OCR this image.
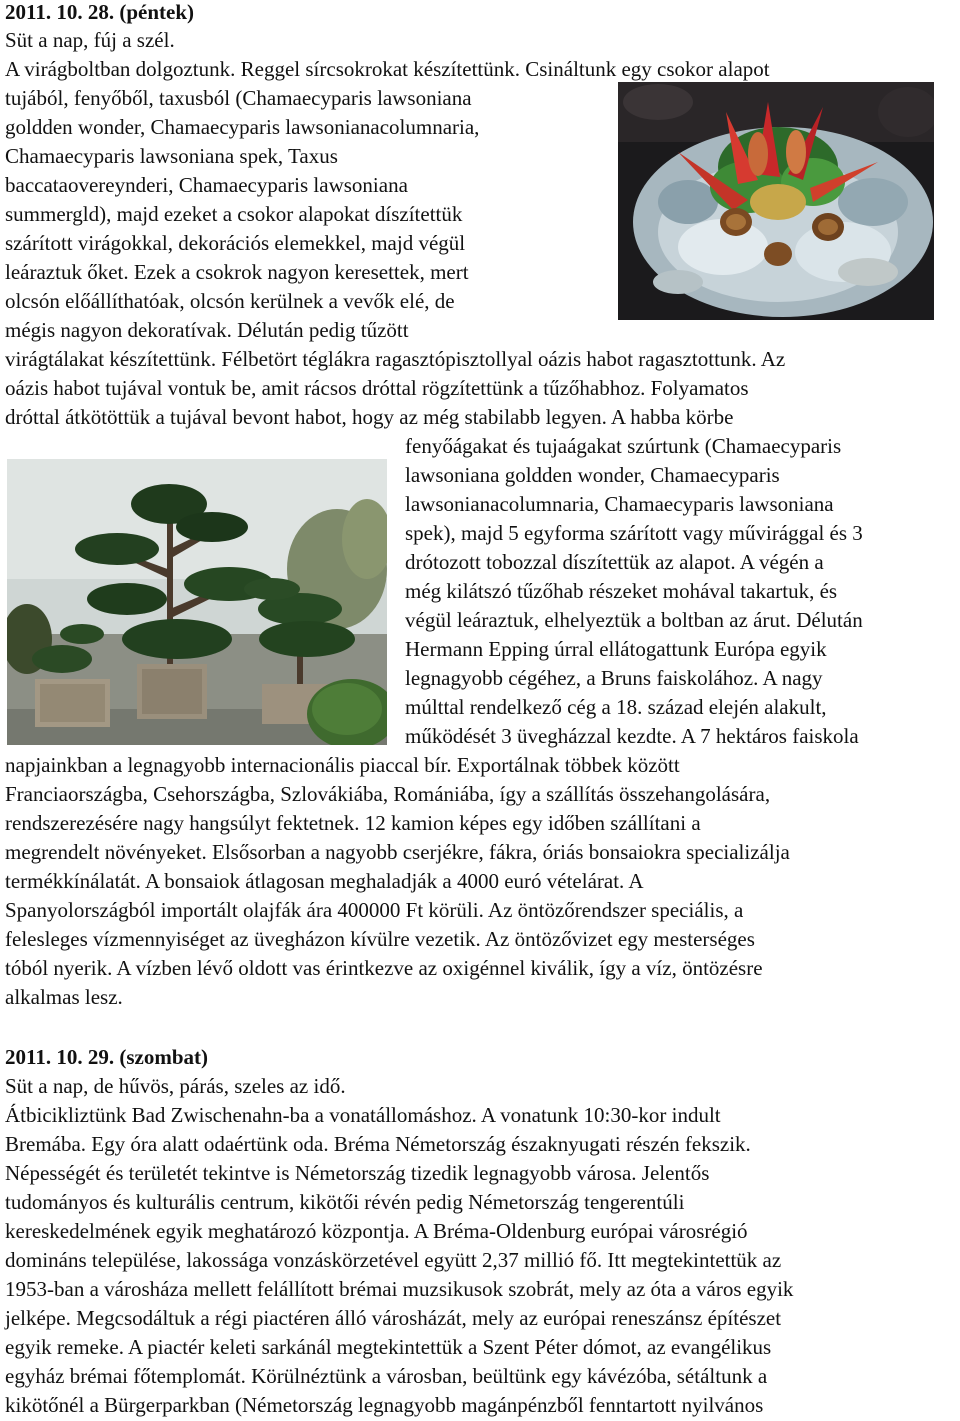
2011. 10. 28. (péntek)
Süt a nap, fúj a szél.
A virágboltban dolgoztunk. Reggel sírcsokrokat készítettünk. Csináltunk egy csokor alapot
tujából, fenyőből, taxusból (Chamaecyparis lawsoniana
goldden wonder, Chamaecyparis lawsonianacolumnaria,
Chamaecyparis lawsoniana spek, Taxus
baccataovereynderi, Chamaecyparis lawsoniana
summergld), majd ezeket a csokor alapokat díszítettük
szárított virágokkal, dekorációs elemekkel, majd végül
leáraztuk őket. Ezek a csokrok nagyon keresettek, mert
olcsón előállíthatóak, olcsón kerülnek a vevők elé, de
mégis nagyon dekoratívak. Délután pedig tűzött
virágtálakat készítettünk. Félbetört téglákra ragasztópisztollyal oázis habot ragasztottunk. Az
oázis habot tujával vontuk be, amit rácsos dróttal rögzítettünk a tűzőhabhoz. Folyamatos
dróttal átkötöttük a tujával bevont habot, hogy az még stabilabb legyen. A habba körbe
fenyőágakat és tujaágakat szúrtunk (Chamaecyparis
lawsoniana goldden wonder, Chamaecyparis
lawsonianacolumnaria, Chamaecyparis lawsoniana
spek), majd 5 egyforma szárított vagy művirággal és 3
drótozott tobozzal díszítettük az alapot. A végén a
még kilátszó tűzőhab részeket mohával takartuk, és
végül leáraztuk, elhelyeztük a boltban az árut. Délután
Hermann Epping úrral ellátogattunk Európa egyik
legnagyobb cégéhez, a Bruns faiskolához. A nagy
múlttal rendelkező cég a 18. század elején alakult,
működését 3 üvegházzal kezdte. A 7 hektáros faiskola
napjainkban a legnagyobb internacionális piaccal bír. Exportálnak többek között
Franciaországba, Csehországba, Szlovákiába, Romániába, így a szállítás összehangolására,
rendszerezésére nagy hangsúlyt fektetnek. 12 kamion képes egy időben szállítani a
megrendelt növényeket. Elsősorban a nagyobb cserjékre, fákra, óriás bonsaiokra specializálja
termékkínálatát. A bonsaiok átlagosan meghaladják a 4000 euró vételárat. A
Spanyolországból importált olajfák ára 400000 Ft körüli. Az öntözőrendszer speciális, a
felesleges vízmennyiséget az üvegházon kívülre vezetik. Az öntözővizet egy mesterséges
tóból nyerik. A vízben lévő oldott vas érintkezve az oxigénnel kiválik, így a víz, öntözésre
alkalmas lesz.
2011. 10. 29. (szombat)
Süt a nap, de hűvös, párás, szeles az idő.
Átbicikliztünk Bad Zwischenahn-ba a vonatállomáshoz. A vonatunk 10:30-kor indult
Bremába. Egy óra alatt odaértünk oda. Bréma Németország északnyugati részén fekszik.
Népességét és területét tekintve is Németország tizedik legnagyobb városa. Jelentős
tudományos és kulturális centrum, kikötői révén pedig Németország tengerentúli
kereskedelmének egyik meghatározó központja. A Bréma-Oldenburg európai városrégió
domináns települése, lakossága vonzáskörzetével együtt 2,37 millió fő. Itt megtekintettük az
1953-ban a városháza mellett felállított brémai muzsikusok szobrát, mely az óta a város egyik
jelképe. Megcsodáltuk a régi piactéren álló városházát, mely az európai reneszánsz építészet
egyik remeke. A piactér keleti sarkánál megtekintettük a Szent Péter dómot, az evangélikus
egyház brémai főtemplomát. Körülnéztünk a városban, beültünk egy kávézóba, sétáltunk a
kikötőnél a Bürgerparkban (Németország legnagyobb magánpénzből fenntartott nyilvános
